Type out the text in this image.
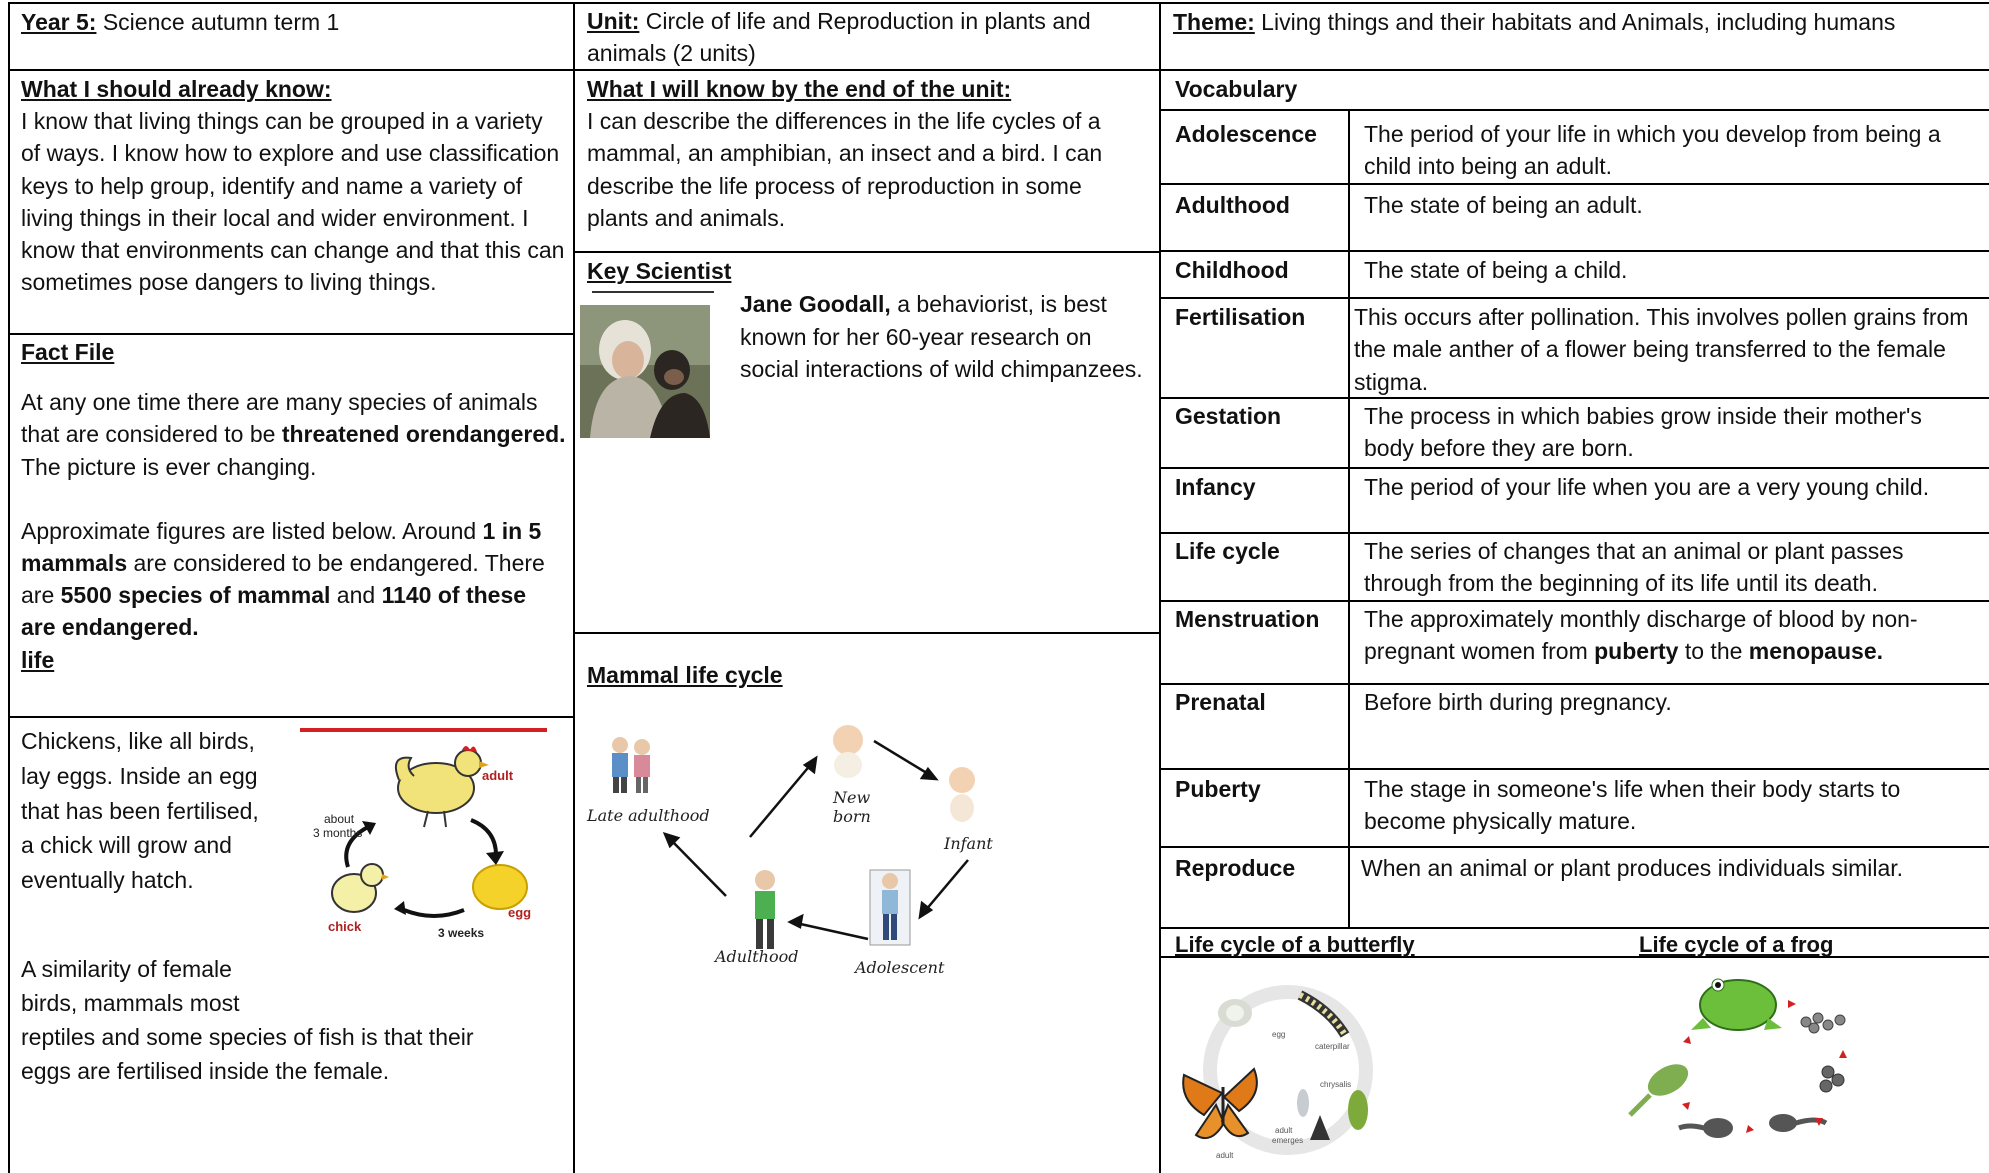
Year 5: Science autumn term 1	Unit: Circle of life and Reproduction in plants and animals (2 units)
Theme: Living things and their habitats and Animals, including humans

What I should already know:

I know that living things can be grouped in a variety of ways. I know how to explore and use classification keys to help group, identify and name a variety of living things in their local and wider environment. I know that environments can change and that this can sometimes pose dangers to living things.

Fact File

At any one time there are many species of animals that are considered to be threatened orendangered. The picture is ever changing.

Approximate figures are listed below. Around 1 in 5 mammals are considered to be endangered. There are 5500 species of mammal and 1140 of these are endangered.

life

Chickens, like all birds, lay eggs. Inside an egg that has been fertilised, a chick will grow and eventually hatch.
A similarity of female birds, mammals most
reptiles and some species of fish is that their eggs are fertilised inside the female.
adult
egg
chick
about
3 months
3 weeks

What I will know by the end of the unit:

I can describe the differences in the life cycles of a mammal, an amphibian, an insect and a bird. I can describe the life process of reproduction in some plants and animals.

Key Scientist
Jane Goodall, a behaviorist, is best known for her 60-year research on social interactions of wild chimpanzees.
Mammal life cycle
Late adulthood
New
born
Infant
Adolescent
Adulthood
Vocabulary
Adolescence The period of your life in which you develop from being a child into being an adult.
Adulthood	The state of being an adult.
Childhood	The state of being a child.
Fertilisation This occurs after pollination. This involves pollen grains from the male anther of a flower being transferred to the female stigma.
Gestation	The process in which babies grow inside their mother's body before they are born.
Infancy	The period of your life when you are a very young child.
Life cycle	The series of changes that an animal or plant passes through from the beginning of its life until its death.
Menstruation The approximately monthly discharge of blood by non-pregnant women from puberty to the menopause.
Prenatal	Before birth during pregnancy.
Puberty	The stage in someone's life when their body starts to become physically mature.
Reproduce	When an animal or plant produces individuals similar.
Life cycle of a butterfly	Life cycle of a frog
egg
caterpillar
chrysalis
adult
adult
emerges
